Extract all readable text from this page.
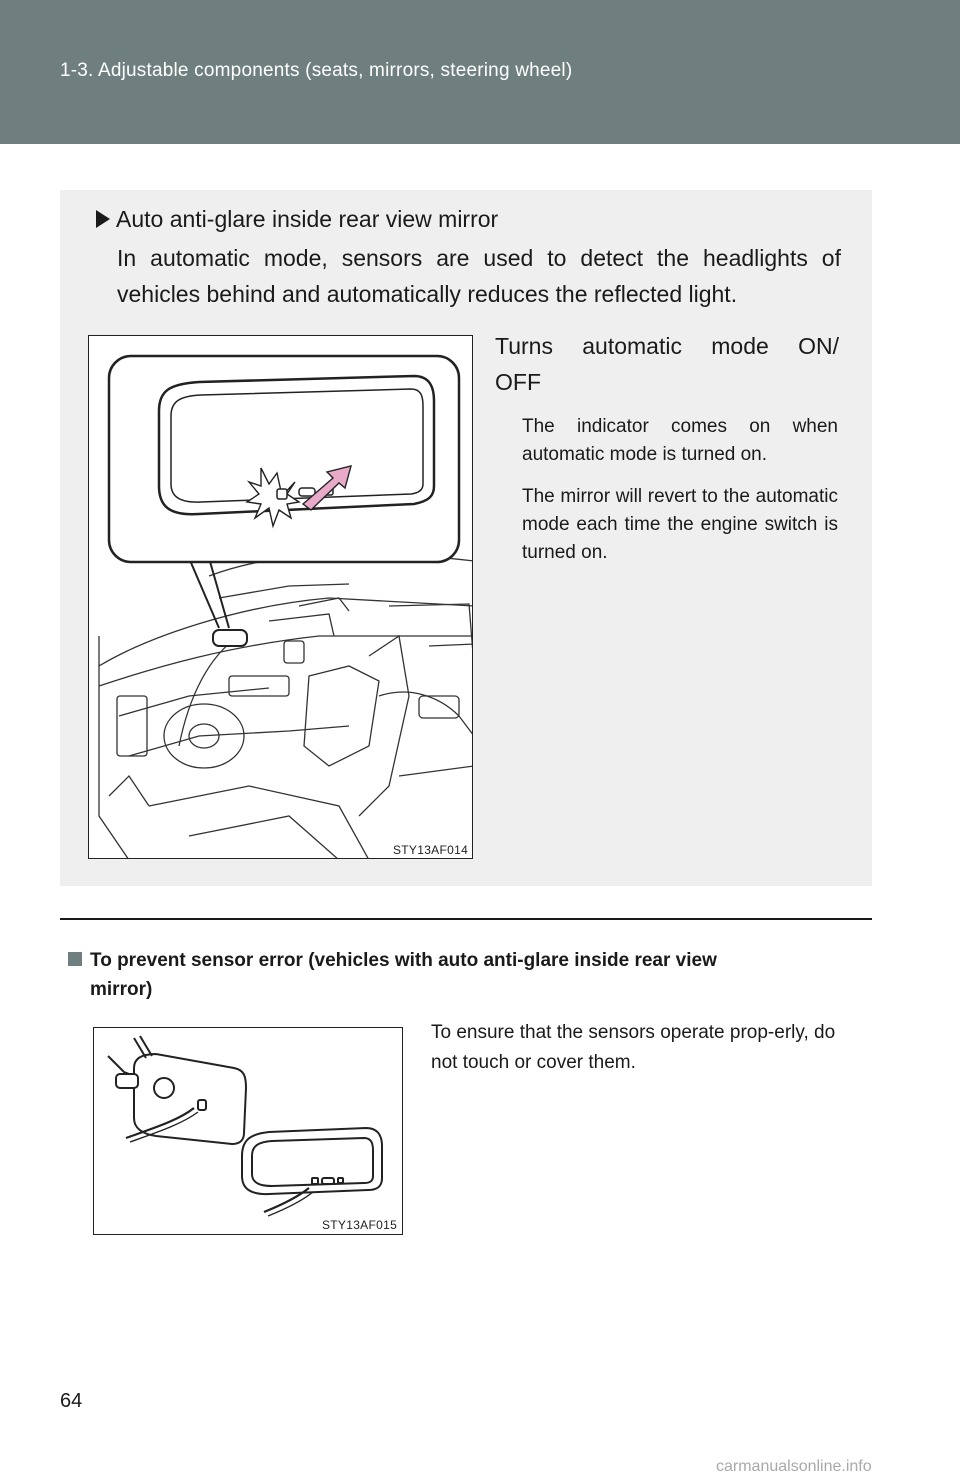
1-3. Adjustable components (seats, mirrors, steering wheel)
Auto anti-glare inside rear view mirror
In automatic mode, sensors are used to detect the headlights of
vehicles behind and automatically reduces the reflected light.
STY13AF014
Turns automatic mode ON/
OFF
The indicator comes on when automatic mode is turned on.
The mirror will revert to the automatic mode each time the engine switch is turned on.
To prevent sensor error (vehicles with auto anti-glare inside rear view
mirror)
STY13AF015
To ensure that the sensors operate prop-erly, do not touch or cover them.
64
carmanualsonline.info
